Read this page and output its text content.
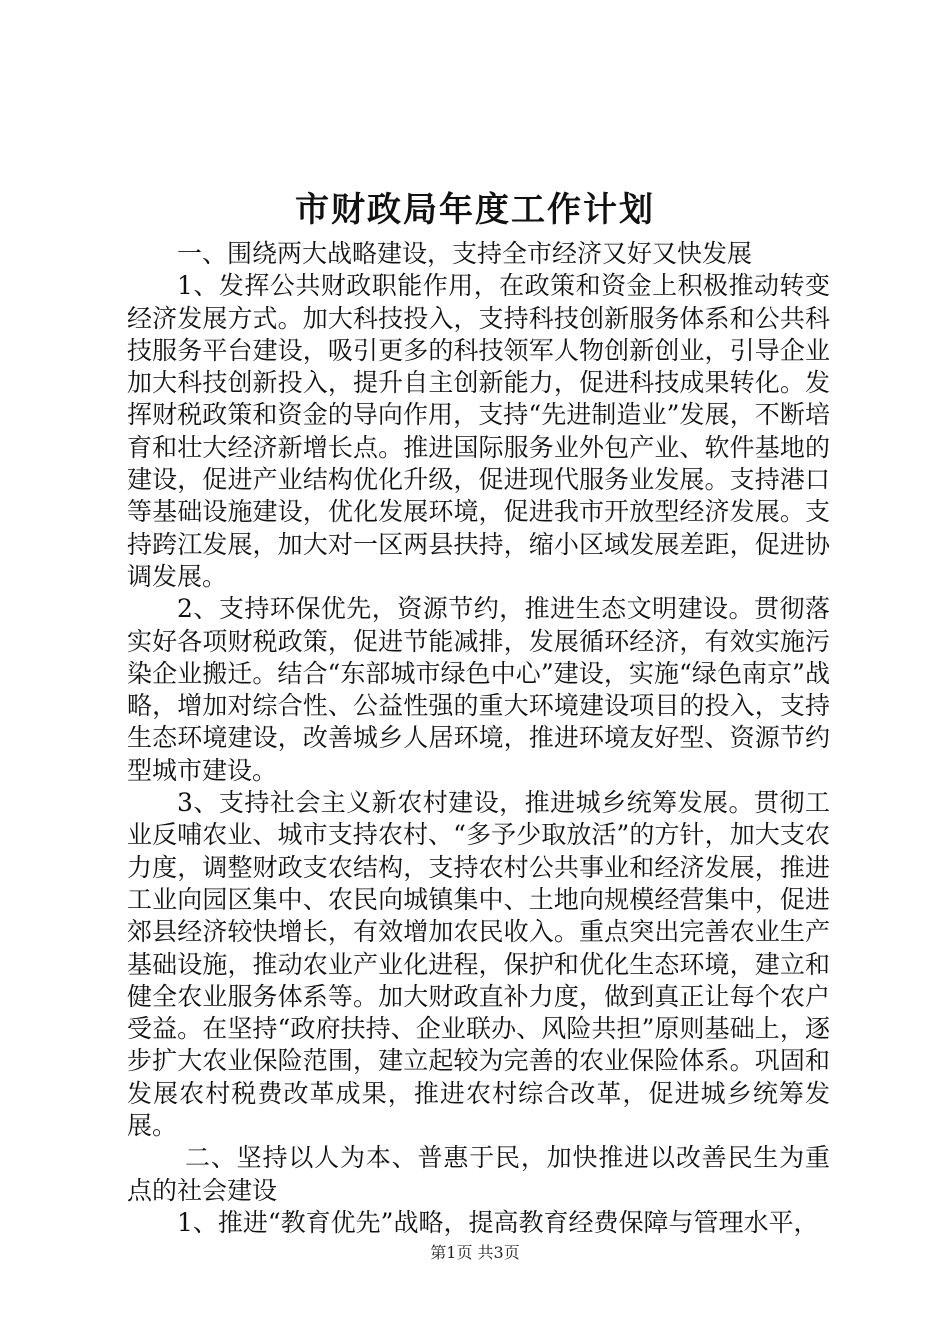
市财政局年度工作计划

一、围绕两大战略建设，支持全市经济又好又快发展

1、发挥公共财政职能作用，在政策和资金上积极推动转变经济发展方式。加大科技投入，支持科技创新服务体系和公共科技服务平台建设，吸引更多的科技领军人物创新创业，引导企业加大科技创新投入，提升自主创新能力，促进科技成果转化。发挥财税政策和资金的导向作用，支持“先进制造业”发展，不断培育和壮大经济新增长点。推进国际服务业外包产业、软件基地的建设，促进产业结构优化升级，促进现代服务业发展。支持港口等基础设施建设，优化发展环境，促进我市开放型经济发展。支持跨江发展，加大对一区两县扶持，缩小区域发展差距，促进协调发展。

2、支持环保优先，资源节约，推进生态文明建设。贯彻落实好各项财税政策，促进节能减排，发展循环经济，有效实施污染企业搬迁。结合“东部城市绿色中心”建设，实施“绿色南京”战略，增加对综合性、公益性强的重大环境建设项目的投入，支持生态环境建设，改善城乡人居环境，推进环境友好型、资源节约型城市建设。

3、支持社会主义新农村建设，推进城乡统筹发展。贯彻工业反哺农业、城市支持农村、“多予少取放活”的方针，加大支农力度，调整财政支农结构，支持农村公共事业和经济发展，推进工业向园区集中、农民向城镇集中、土地向规模经营集中，促进郊县经济较快增长，有效增加农民收入。重点突出完善农业生产基础设施，推动农业产业化进程，保护和优化生态环境，建立和健全农业服务体系等。加大财政直补力度，做到真正让每个农户受益。在坚持“政府扶持、企业联办、风险共担”原则基础上，逐步扩大农业保险范围，建立起较为完善的农业保险体系。巩固和发展农村税费改革成果，推进农村综合改革，促进城乡统筹发展。

二、坚持以人为本、普惠于民，加快推进以改善民生为重点的社会建设

1、推进“教育优先”战略，提高教育经费保障与管理水平，

第1页 共3页
